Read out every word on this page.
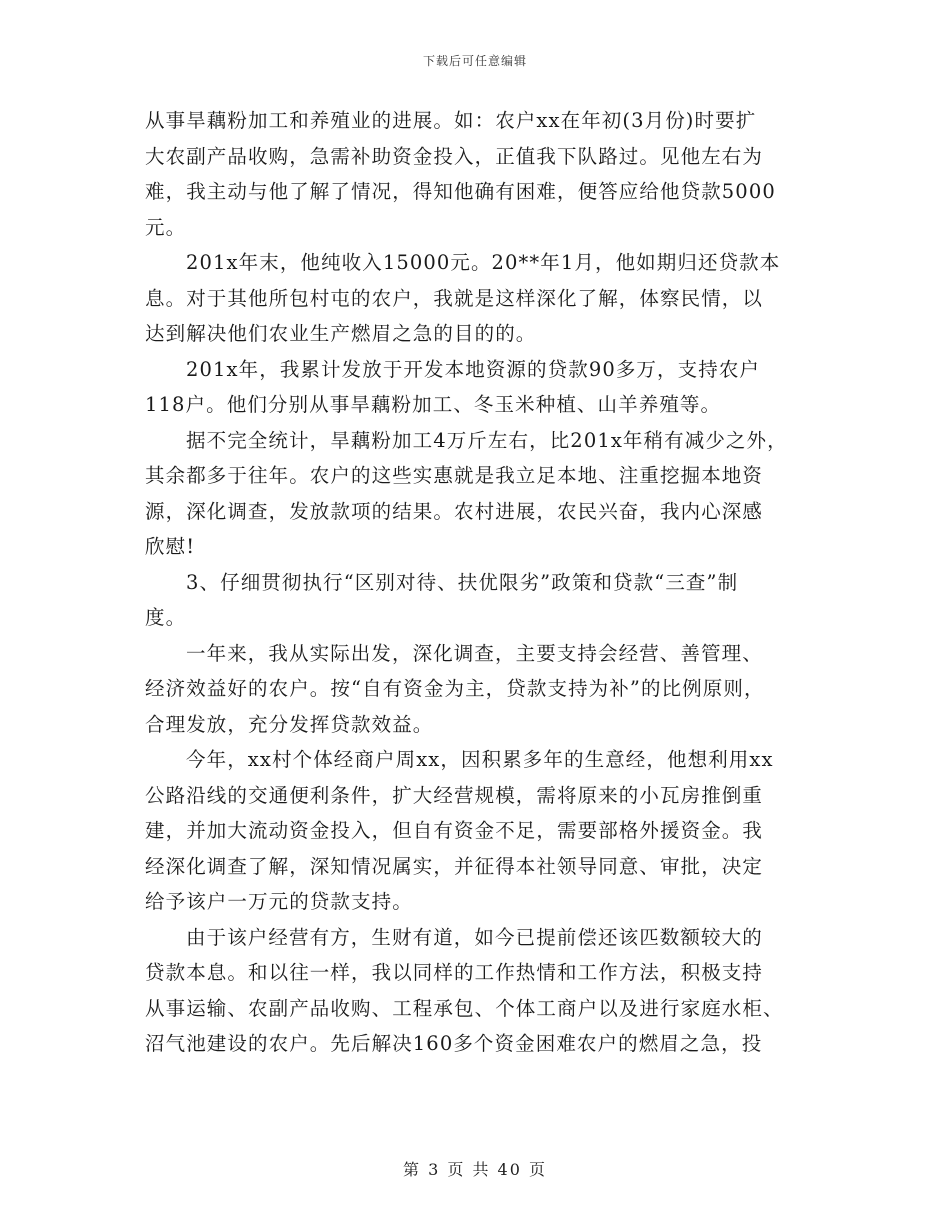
下载后可任意编辑

从事旱藕粉加工和养殖业的进展。如：农户xx在年初(3月份)时要扩
大农副产品收购，急需补助资金投入，正值我下队路过。见他左右为
难，我主动与他了解了情况，得知他确有困难，便答应给他贷款5000
元。

201x年末，他纯收入15000元。20**年1月，他如期归还贷款本
息。对于其他所包村屯的农户，我就是这样深化了解，体察民情，以
达到解决他们农业生产燃眉之急的目的的。

201x年，我累计发放于开发本地资源的贷款90多万，支持农户
118户。他们分别从事旱藕粉加工、冬玉米种植、山羊养殖等。

据不完全统计，旱藕粉加工4万斤左右，比201x年稍有减少之外，
其余都多于往年。农户的这些实惠就是我立足本地、注重挖掘本地资
源，深化调查，发放款项的结果。农村进展，农民兴奋，我内心深感
欣慰!

3、仔细贯彻执行“区别对待、扶优限劣”政策和贷款“三查”制
度。

一年来，我从实际出发，深化调查，主要支持会经营、善管理、
经济效益好的农户。按“自有资金为主，贷款支持为补”的比例原则，
合理发放，充分发挥贷款效益。

今年，xx村个体经商户周xx，因积累多年的生意经，他想利用xx
公路沿线的交通便利条件，扩大经营规模，需将原来的小瓦房推倒重
建，并加大流动资金投入，但自有资金不足，需要部格外援资金。我
经深化调查了解，深知情况属实，并征得本社领导同意、审批，决定
给予该户一万元的贷款支持。

由于该户经营有方，生财有道，如今已提前偿还该匹数额较大的
贷款本息。和以往一样，我以同样的工作热情和工作方法，积极支持
从事运输、农副产品收购、工程承包、个体工商户以及进行家庭水柜、
沼气池建设的农户。先后解决160多个资金困难农户的燃眉之急，投

第 3 页 共 40 页
